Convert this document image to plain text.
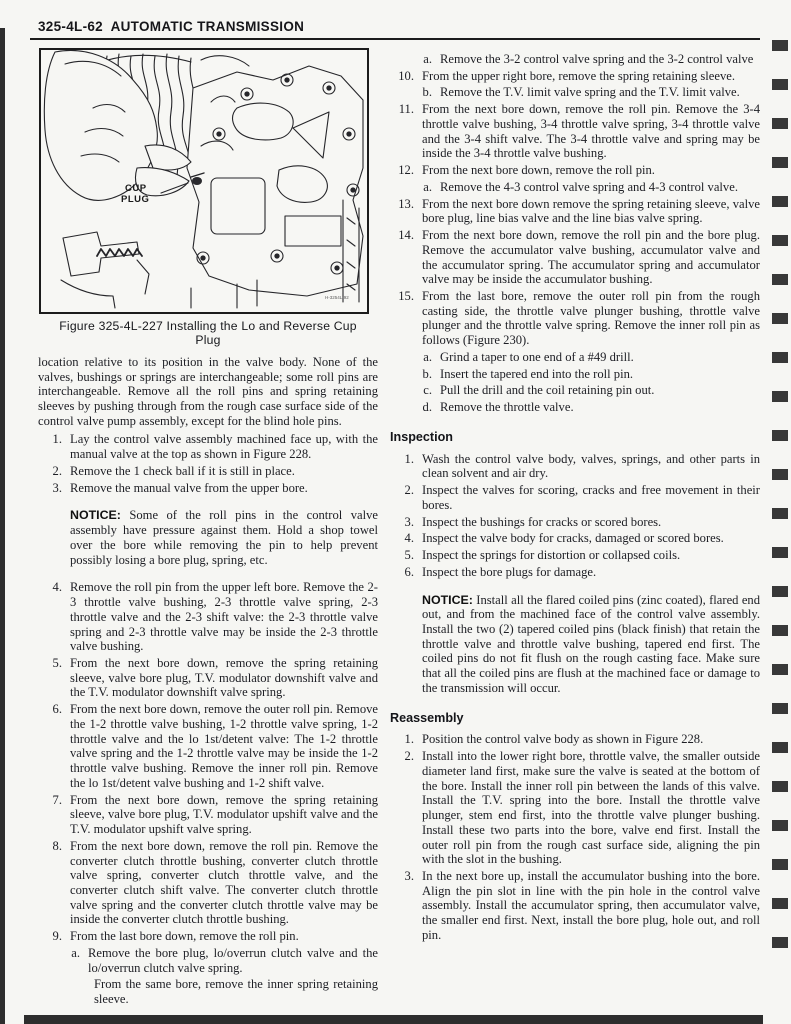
325-4L-62  AUTOMATIC TRANSMISSION
CUP
PLUG
H-3254L-92
Figure 325-4L-227 Installing the Lo and Reverse Cup
Plug

location relative to its position in the valve body. None of the valves, bushings or springs are interchangeable; some roll pins are interchangeable. Remove all the roll pins and spring retaining sleeves by pushing through from the rough case surface side of the control valve pump assembly, except for the blind hole pins.

1. Lay the control valve assembly machined face up, with the manual valve at the top as shown in Figure 228.
2. Remove the 1 check ball if it is still in place.
3. Remove the manual valve from the upper bore.
NOTICE: Some of the roll pins in the control valve assembly have pressure against them. Hold a shop towel over the bore while removing the pin to help prevent possibly losing a bore plug, spring, etc.
4. Remove the roll pin from the upper left bore. Remove the 2-3 throttle valve bushing, 2-3 throttle valve spring, 2-3 throttle valve and the 2-3 shift valve: the 2-3 throttle valve spring and 2-3 throttle valve may be inside the 2-3 throttle valve bushing.
5. From the next bore down, remove the spring retaining sleeve, valve bore plug, T.V. modulator downshift valve and the T.V. modulator downshift valve spring.
6. From the next bore down, remove the outer roll pin. Remove the 1-2 throttle valve bushing, 1-2 throttle valve spring, 1-2 throttle valve and the lo 1st/detent valve: The 1-2 throttle valve spring and the 1-2 throttle valve may be inside the 1-2 throttle valve bushing. Remove the inner roll pin. Remove the lo 1st/detent valve bushing and 1-2 shift valve.
7. From the next bore down, remove the spring retaining sleeve, valve bore plug, T.V. modulator upshift valve and the T.V. modulator upshift valve spring.
8. From the next bore down, remove the roll pin. Remove the converter clutch throttle bushing, converter clutch throttle valve spring, converter clutch throttle valve, and the converter clutch shift valve. The converter clutch throttle valve spring and the converter clutch throttle valve may be inside the converter clutch throttle bushing.
9. From the last bore down, remove the roll pin.
a. Remove the bore plug, lo/overrun clutch valve and the lo/overrun clutch valve spring.
From the same bore, remove the inner spring retaining sleeve.
a. Remove the 3-2 control valve spring and the 3-2 control valve
10. From the upper right bore, remove the spring retaining sleeve.
b. Remove the T.V. limit valve spring and the T.V. limit valve.
11. From the next bore down, remove the roll pin. Remove the 3-4 throttle valve bushing, 3-4 throttle valve spring, 3-4 throttle valve and the 3-4 shift valve. The 3-4 throttle valve and spring may be inside the 3-4 throttle valve bushing.
12. From the next bore down, remove the roll pin.
a. Remove the 4-3 control valve spring and 4-3 control valve.
13. From the next bore down remove the spring retaining sleeve, valve bore plug, line bias valve and the line bias valve spring.
14. From the next bore down, remove the roll pin and the bore plug. Remove the accumulator valve bushing, accumulator valve and the accumulator spring. The accumulator spring and accumulator valve may be inside the accumulator bushing.
15. From the last bore, remove the outer roll pin from the rough casting side, the throttle valve plunger bushing, throttle valve plunger and the throttle valve spring. Remove the inner roll pin as follows (Figure 230).
a. Grind a taper to one end of a #49 drill.
b. Insert the tapered end into the roll pin.
c. Pull the drill and the coil retaining pin out.
d. Remove the throttle valve.
Inspection
1. Wash the control valve body, valves, springs, and other parts in clean solvent and air dry.
2. Inspect the valves for scoring, cracks and free movement in their bores.
3. Inspect the bushings for cracks or scored bores.
4. Inspect the valve body for cracks, damaged or scored bores.
5. Inspect the springs for distortion or collapsed coils.
6. Inspect the bore plugs for damage.
NOTICE: Install all the flared coiled pins (zinc coated), flared end out, and from the machined face of the control valve assembly. Install the two (2) tapered coiled pins (black finish) that retain the throttle valve and throttle valve bushing, tapered end first. The coiled pins do not fit flush on the rough casting face. Make sure that all the coiled pins are flush at the machined face or damage to the transmission will occur.
Reassembly
1. Position the control valve body as shown in Figure 228.
2. Install into the lower right bore, throttle valve, the smaller outside diameter land first, make sure the valve is seated at the bottom of the bore. Install the inner roll pin between the lands of this valve. Install the T.V. spring into the bore. Install the throttle valve plunger, stem end first, into the throttle valve plunger bushing. Install these two parts into the bore, valve end first. Install the outer roll pin from the rough cast surface side, aligning the pin with the slot in the bushing.
3. In the next bore up, install the accumulator bushing into the bore. Align the pin slot in line with the pin hole in the control valve assembly. Install the accumulator spring, then accumulator valve, the smaller end first. Next, install the bore plug, hole out, and roll pin.
